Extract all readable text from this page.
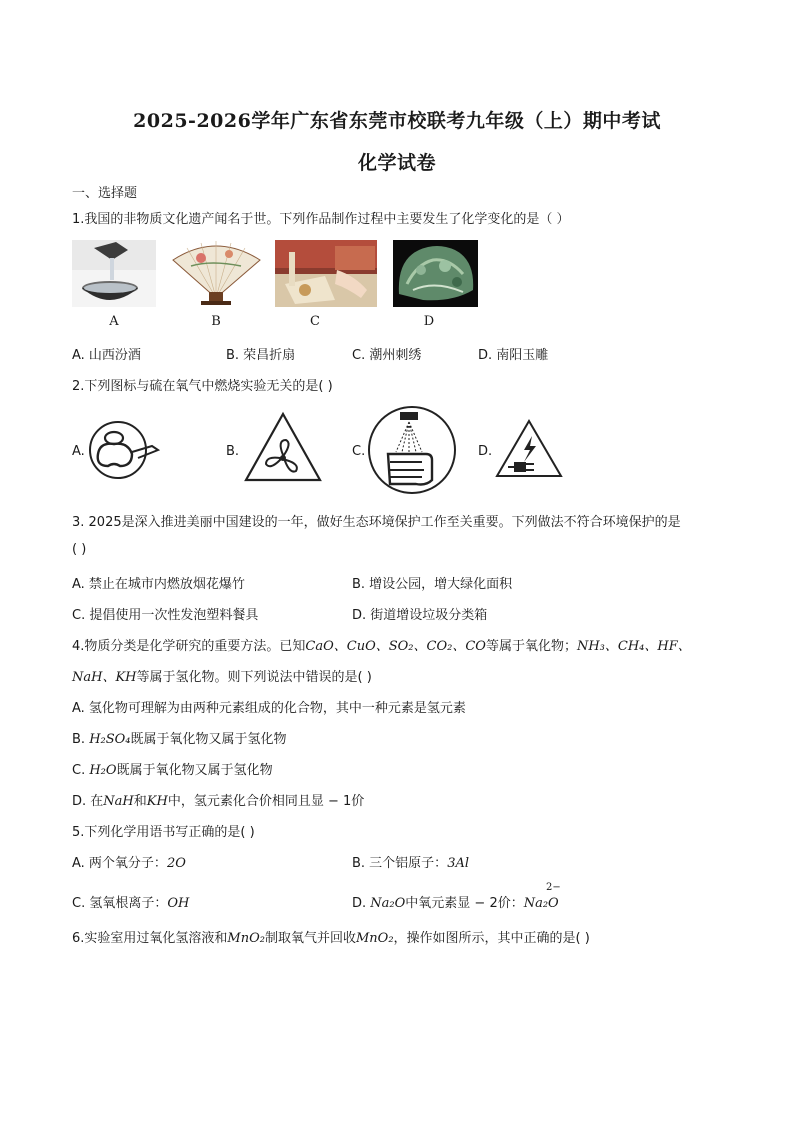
2025-2026学年广东省东莞市校联考九年级（上）期中考试
化学试卷
一、选择题
1.我国的非物质文化遗产闻名于世。下列作品制作过程中主要发生了化学变化的是（ ）
A	B	C	D
A. 山西汾酒	B. 荣昌折扇	C. 潮州刺绣	D. 南阳玉雕
2.下列图标与硫在氧气中燃烧实验无关的是( )
A.	B.	C.	D.
3. 2025是深入推进美丽中国建设的一年，做好生态环境保护工作至关重要。下列做法不符合环境保护的是
( )
A. 禁止在城市内燃放烟花爆竹	B. 增设公园，增大绿化面积
C. 提倡使用一次性发泡塑料餐具	D. 街道增设垃圾分类箱
4.物质分类是化学研究的重要方法。已知CaO、CuO、SO₂、CO₂、CO等属于氧化物；NH₃、CH₄、HF、
NaH、KH等属于氢化物。则下列说法中错误的是( )
A. 氢化物可理解为由两种元素组成的化合物，其中一种元素是氢元素
B. H₂SO₄既属于氧化物又属于氢化物
C. H₂O既属于氧化物又属于氢化物
D. 在NaH和KH中，氢元素化合价相同且显 − 1价
5.下列化学用语书写正确的是( )
A. 两个氧分子：2O	B. 三个铝原子：3Al
C. 氢氧根离子：OH	D. Na₂O中氧元素显 − 2价：Na₂O
2−
6.实验室用过氧化氢溶液和MnO₂制取氧气并回收MnO₂，操作如图所示，其中正确的是( )
